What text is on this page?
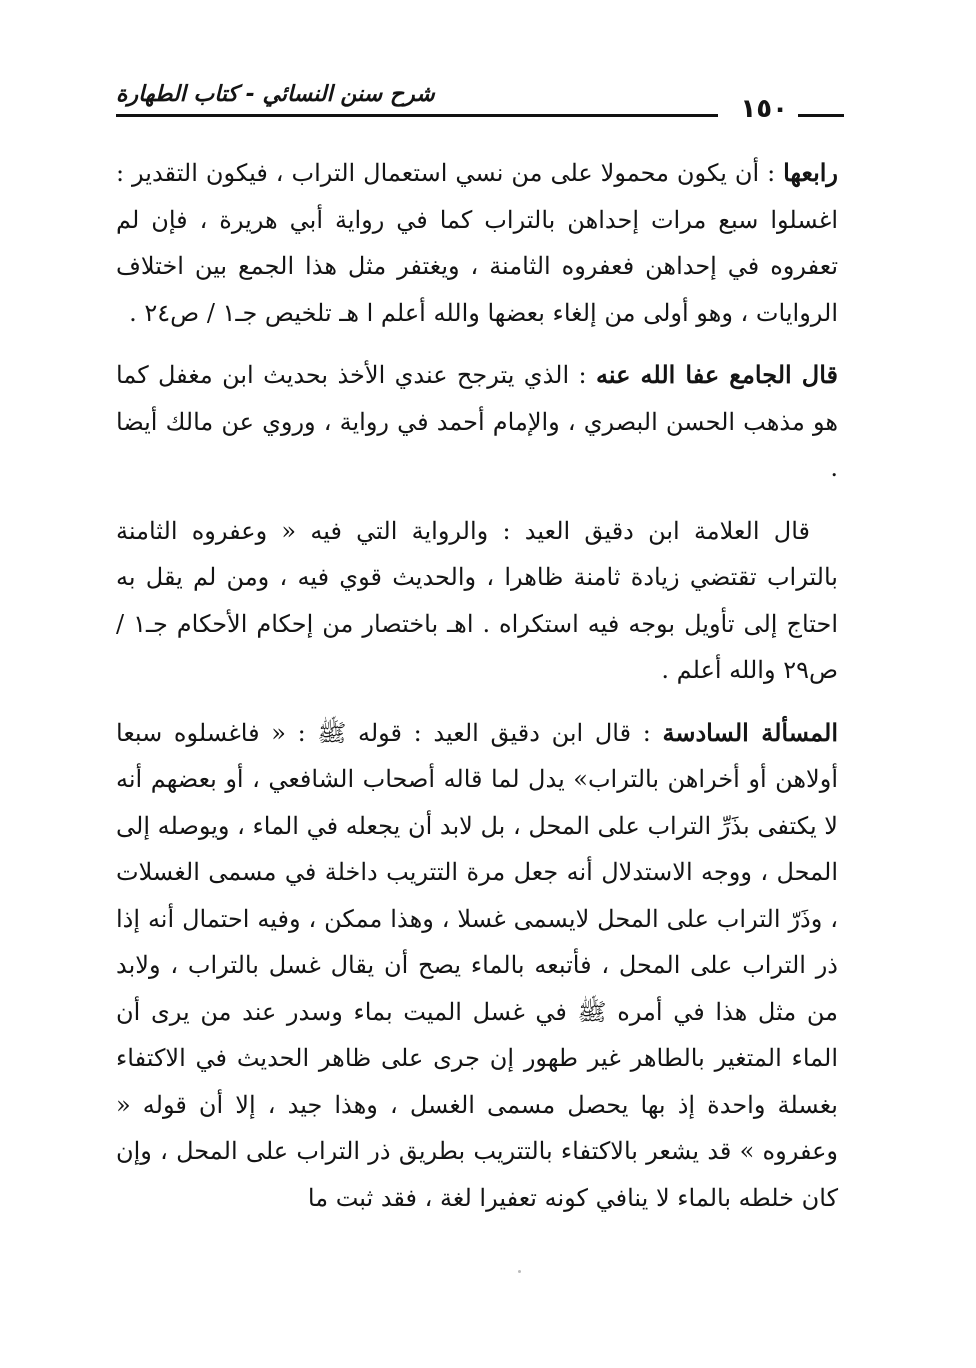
شرح سنن النسائي - كتاب الطهارة	١٥٠

رابعها : أن يكون محمولا على من نسي استعمال التراب ، فيكون التقدير : اغسلوا سبع مرات إحداهن بالتراب كما في رواية أبي هريرة ، فإن لم تعفروه في إحداهن فعفروه الثامنة ، ويغتفر مثل هذا الجمع بين اختلاف الروايات ، وهو أولى من إلغاء بعضها والله أعلم ا هـ تلخيص جـ١ / ص٢٤ .

قال الجامع عفا الله عنه : الذي يترجح عندي الأخذ بحديث ابن مغفل كما هو مذهب الحسن البصري ، والإمام أحمد في رواية ، وروي عن مالك أيضا .

قال العلامة ابن دقيق العيد : والرواية التي فيه « وعفروه الثامنة بالتراب تقتضي زيادة ثامنة ظاهرا ، والحديث قوي فيه ، ومن لم يقل به احتاج إلى تأويل بوجه فيه استكراه . اهـ باختصار من إحكام الأحكام جـ١ / ص٢٩ والله أعلم .

المسألة السادسة : قال ابن دقيق العيد : قوله ﷺ : « فاغسلوه سبعا أولاهن أو أخراهن بالتراب» يدل لما قاله أصحاب الشافعي ، أو بعضهم أنه لا يكتفى بذَرِّ التراب على المحل ، بل لابد أن يجعله في الماء ، ويوصله إلى المحل ، ووجه الاستدلال أنه جعل مرة التتريب داخلة في مسمى الغسلات ، وذَرّ التراب على المحل لايسمى غسلا ، وهذا ممكن ، وفيه احتمال أنه إذا ذر التراب على المحل ، فأتبعه بالماء يصح أن يقال غسل بالتراب ، ولابد من مثل هذا في أمره ﷺ في غسل الميت بماء وسدر عند من يرى أن الماء المتغير بالطاهر غير طهور إن جرى على ظاهر الحديث في الاكتفاء بغسلة واحدة إذ بها يحصل مسمى الغسل ، وهذا جيد ، إلا أن قوله « وعفروه » قد يشعر بالاكتفاء بالتتريب بطريق ذر التراب على المحل ، وإن كان خلطه بالماء لا ينافي كونه تعفيرا لغة ، فقد ثبت ما
